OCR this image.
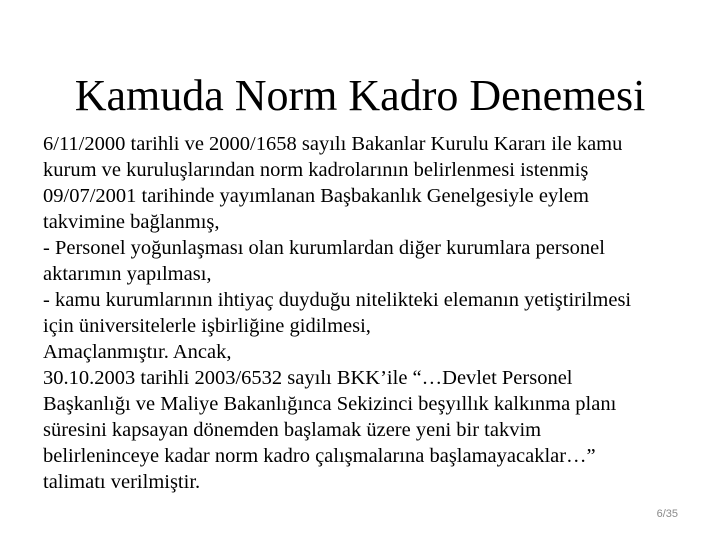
Kamuda Norm Kadro Denemesi
6/11/2000 tarihli ve 2000/1658 sayılı Bakanlar Kurulu Kararı ile kamu
kurum ve kuruluşlarından norm kadrolarının belirlenmesi istenmiş
09/07/2001 tarihinde yayımlanan Başbakanlık Genelgesiyle eylem
takvimine bağlanmış,
- Personel yoğunlaşması olan kurumlardan diğer kurumlara personel
aktarımın yapılması,
- kamu kurumlarının ihtiyaç duyduğu nitelikteki elemanın yetiştirilmesi
için üniversitelerle işbirliğine gidilmesi,
Amaçlanmıştır. Ancak,
30.10.2003 tarihli 2003/6532 sayılı BKK’ile “…Devlet Personel
Başkanlığı ve Maliye Bakanlığınca Sekizinci beşyıllık kalkınma planı
süresini kapsayan dönemden başlamak üzere yeni bir takvim
belirleninceye kadar norm kadro çalışmalarına başlamayacaklar…”
talimatı verilmiştir.
6/35
